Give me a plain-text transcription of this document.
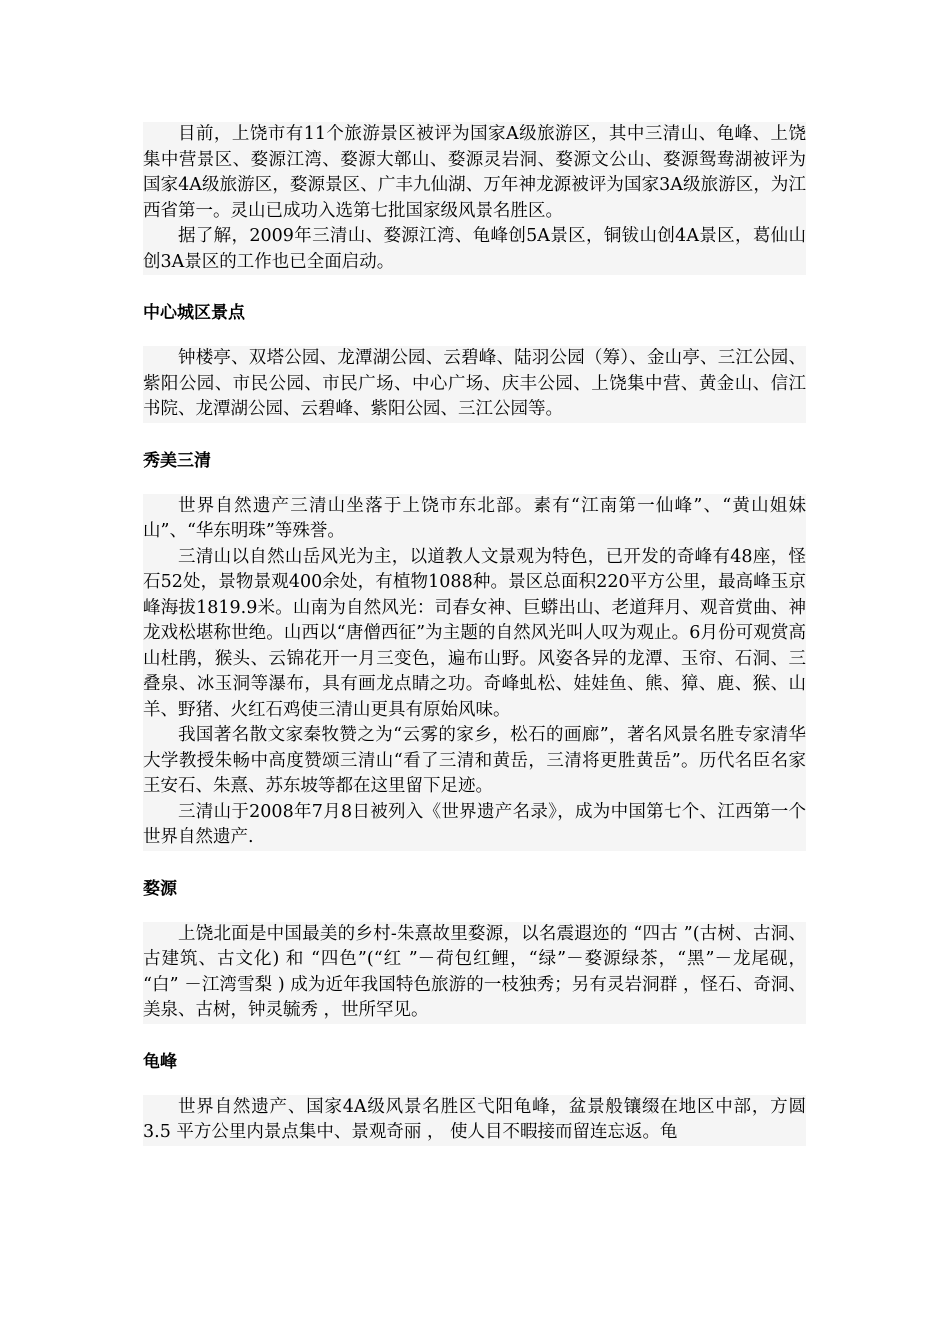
目前，上饶市有11个旅游景区被评为国家A级旅游区，其中三清山、龟峰、上饶集中营景区、婺源江湾、婺源大鄣山、婺源灵岩洞、婺源文公山、婺源鸳鸯湖被评为国家4A级旅游区，婺源景区、广丰九仙湖、万年神龙源被评为国家3A级旅游区，为江西省第一。灵山已成功入选第七批国家级风景名胜区。

据了解，2009年三清山、婺源江湾、龟峰创5A景区，铜钹山创4A景区，葛仙山创3A景区的工作也已全面启动。

中心城区景点

钟楼亭、双塔公园、龙潭湖公园、云碧峰、陆羽公园（筹）、金山亭、三江公园、紫阳公园、市民公园、市民广场、中心广场、庆丰公园、上饶集中营、黄金山、信江书院、龙潭湖公园、云碧峰、紫阳公园、三江公园等。

秀美三清

世界自然遗产三清山坐落于上饶市东北部。素有“江南第一仙峰”、“黄山姐妹山”、“华东明珠”等殊誉。

三清山以自然山岳风光为主，以道教人文景观为特色，已开发的奇峰有48座，怪石52处，景物景观400余处，有植物1088种。景区总面积220平方公里，最高峰玉京峰海拔1819.9米。山南为自然风光：司春女神、巨蟒出山、老道拜月、观音赏曲、神龙戏松堪称世绝。山西以“唐僧西征”为主题的自然风光叫人叹为观止。6月份可观赏高山杜鹃，猴头、云锦花开一月三变色，遍布山野。风姿各异的龙潭、玉帘、石洞、三叠泉、冰玉洞等瀑布，具有画龙点睛之功。奇峰虬松、娃娃鱼、熊、獐、鹿、猴、山羊、野猪、火红石鸡使三清山更具有原始风味。

我国著名散文家秦牧赞之为“云雾的家乡，松石的画廊”，著名风景名胜专家清华大学教授朱畅中高度赞颂三清山“看了三清和黄岳，三清将更胜黄岳”。历代名臣名家王安石、朱熹、苏东坡等都在这里留下足迹。

三清山于2008年7月8日被列入《世界遗产名录》，成为中国第七个、江西第一个世界自然遗产.

婺源

上饶北面是中国最美的乡村-朱熹故里婺源，以名震遐迩的 “四古 ”(古树、古洞、古建筑、古文化) 和 “四色”(“红 ”－荷包红鲤，“绿”－婺源绿茶，“黑”－龙尾砚， “白” －江湾雪梨 ) 成为近年我国特色旅游的一枝独秀；另有灵岩洞群 ，怪石、奇洞、美泉、古树，钟灵毓秀 ，世所罕见。

龟峰

世界自然遗产、国家4A级风景名胜区弋阳龟峰，盆景般镶缀在地区中部，方圆 3.5 平方公里内景点集中、景观奇丽 ， 使人目不暇接而留连忘返。龟
